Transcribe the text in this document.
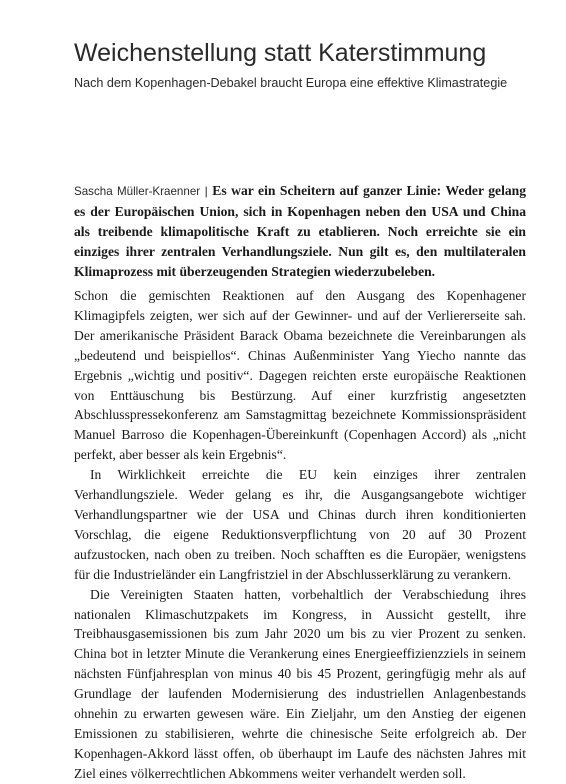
Weichenstellung statt Katerstimmung
Nach dem Kopenhagen-Debakel braucht Europa eine effektive Klimastrategie
Sascha Müller-Kraenner | Es war ein Scheitern auf ganzer Linie: Weder gelang es der Europäischen Union, sich in Kopenhagen neben den USA und China als treibende klimapolitische Kraft zu etablieren. Noch erreichte sie ein einziges ihrer zentralen Verhandlungsziele. Nun gilt es, den multilateralen Klimaprozess mit überzeugenden Strategien wiederzubeleben.

Schon die gemischten Reaktionen auf den Ausgang des Kopenhagener Klimagipfels zeigten, wer sich auf der Gewinner- und auf der Verliererseite sah. Der amerikanische Präsident Barack Obama bezeichnete die Vereinbarungen als „bedeutend und beispiellos“. Chinas Außenminister Yang Yiecho nannte das Ergebnis „wichtig und positiv“. Dagegen reichten erste europäische Reaktionen von Enttäuschung bis Bestürzung. Auf einer kurzfristig angesetzten Abschlusspressekonferenz am Samstagmittag bezeichnete Kommissionspräsident Manuel Barroso die Kopenhagen-Übereinkunft (Copenhagen Accord) als „nicht perfekt, aber besser als kein Ergebnis“.

In Wirklichkeit erreichte die EU kein einziges ihrer zentralen Verhandlungsziele. Weder gelang es ihr, die Ausgangsangebote wichtiger Verhandlungspartner wie der USA und Chinas durch ihren konditionierten Vorschlag, die eigene Reduktionsverpflichtung von 20 auf 30 Prozent aufzustocken, nach oben zu treiben. Noch schafften es die Europäer, wenigstens für die Industrieländer ein Langfristziel in der Abschlusserklärung zu verankern.

Die Vereinigten Staaten hatten, vorbehaltlich der Verabschiedung ihres nationalen Klimaschutzpakets im Kongress, in Aussicht gestellt, ihre Treibhausgasemissionen bis zum Jahr 2020 um bis zu vier Prozent zu senken. China bot in letzter Minute die Verankerung eines Energieeffizienzziels in seinem nächsten Fünfjahresplan von minus 40 bis 45 Prozent, geringfügig mehr als auf Grundlage der laufenden Modernisierung des industriellen Anlagenbestands ohnehin zu erwarten gewesen wäre. Ein Zieljahr, um den Anstieg der eigenen Emissionen zu stabilisieren, wehrte die chinesische Seite erfolgreich ab. Der Kopenhagen-Akkord lässt offen, ob überhaupt im Laufe des nächsten Jahres mit Ziel eines völkerrechtlichen Abkommens weiter verhandelt werden soll.
